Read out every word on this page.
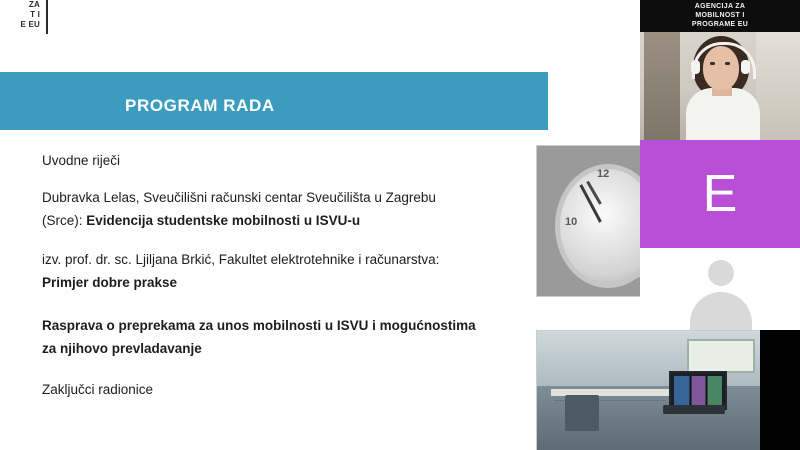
ZA
T I
E EU
PROGRAM RADA

Uvodne riječi

Dubravka Lelas, Sveučilišni računski centar Sveučilišta u Zagrebu

(Srce): Evidencija studentske mobilnosti u ISVU-u

izv. prof. dr. sc. Ljiljana Brkić, Fakultet elektrotehnike i računarstva:

Primjer dobre prakse

Rasprava o preprekama za unos mobilnosti u ISVU i mogućnostima

za njihovo prevladavanje

Zaključci radionice

12
10
AGENCIJA ZA
MOBILNOST I
PROGRAME EU
E
